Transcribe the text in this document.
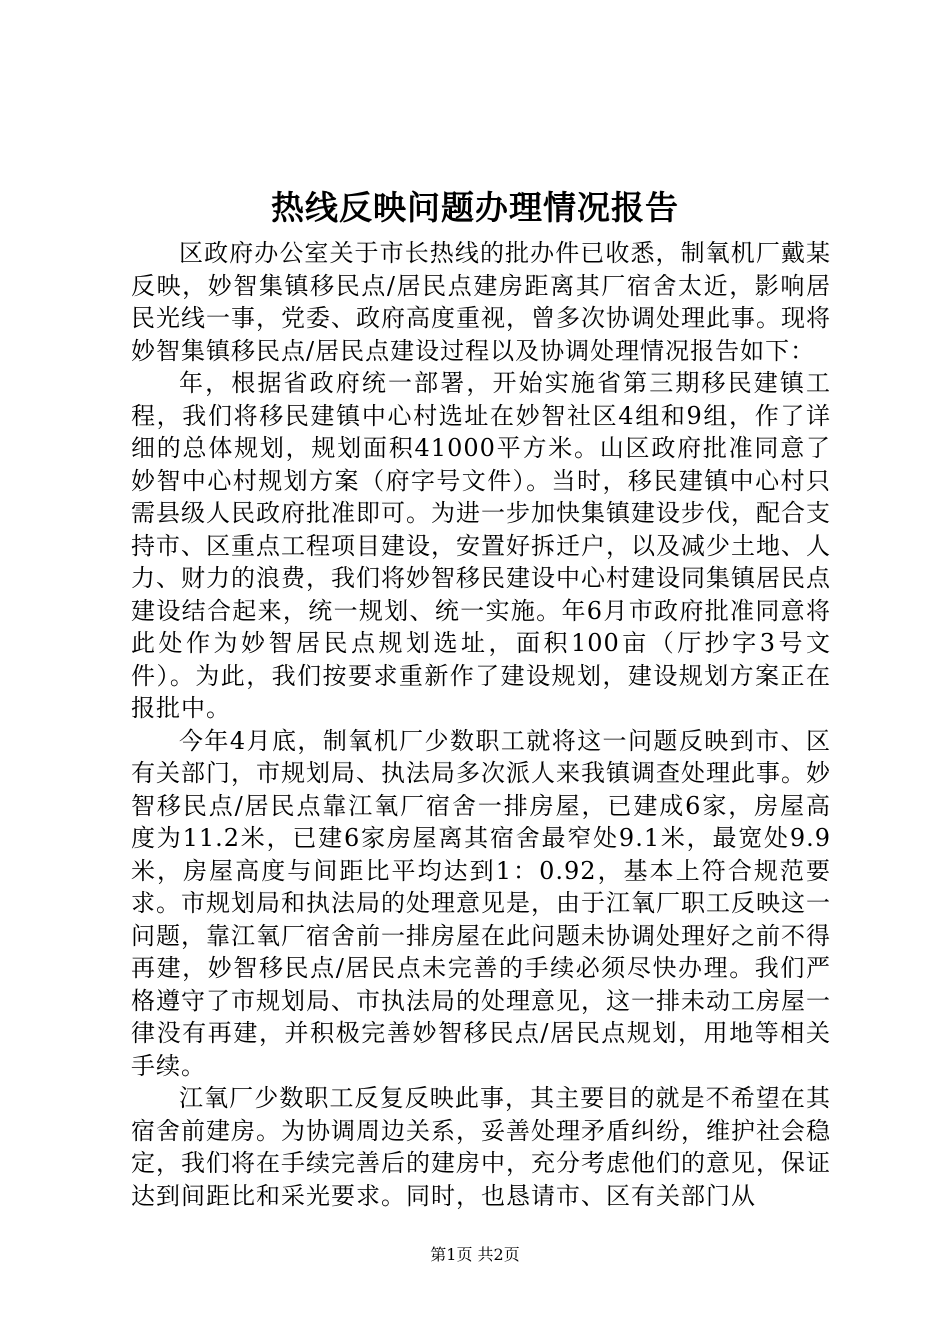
热线反映问题办理情况报告

区政府办公室关于市长热线的批办件已收悉，制氧机厂戴某反映，妙智集镇移民点/居民点建房距离其厂宿舍太近，影响居民光线一事，党委、政府高度重视，曾多次协调处理此事。现将妙智集镇移民点/居民点建设过程以及协调处理情况报告如下：

年，根据省政府统一部署，开始实施省第三期移民建镇工程，我们将移民建镇中心村选址在妙智社区4组和9组，作了详细的总体规划，规划面积41000平方米。山区政府批准同意了妙智中心村规划方案（府字号文件）。当时，移民建镇中心村只需县级人民政府批准即可。为进一步加快集镇建设步伐，配合支持市、区重点工程项目建设，安置好拆迁户，以及减少土地、人力、财力的浪费，我们将妙智移民建设中心村建设同集镇居民点建设结合起来，统一规划、统一实施。年6月市政府批准同意将此处作为妙智居民点规划选址，面积100亩（厅抄字3号文件）。为此，我们按要求重新作了建设规划，建设规划方案正在报批中。

今年4月底，制氧机厂少数职工就将这一问题反映到市、区有关部门，市规划局、执法局多次派人来我镇调查处理此事。妙智移民点/居民点靠江氧厂宿舍一排房屋，已建成6家，房屋高度为11.2米，已建6家房屋离其宿舍最窄处9.1米，最宽处9.9米，房屋高度与间距比平均达到1：0.92，基本上符合规范要求。市规划局和执法局的处理意见是，由于江氧厂职工反映这一问题，靠江氧厂宿舍前一排房屋在此问题未协调处理好之前不得再建，妙智移民点/居民点未完善的手续必须尽快办理。我们严格遵守了市规划局、市执法局的处理意见，这一排未动工房屋一律没有再建，并积极完善妙智移民点/居民点规划，用地等相关手续。

江氧厂少数职工反复反映此事，其主要目的就是不希望在其宿舍前建房。为协调周边关系，妥善处理矛盾纠纷，维护社会稳定，我们将在手续完善后的建房中，充分考虑他们的意见，保证达到间距比和采光要求。同时，也恳请市、区有关部门从

第1页 共2页
